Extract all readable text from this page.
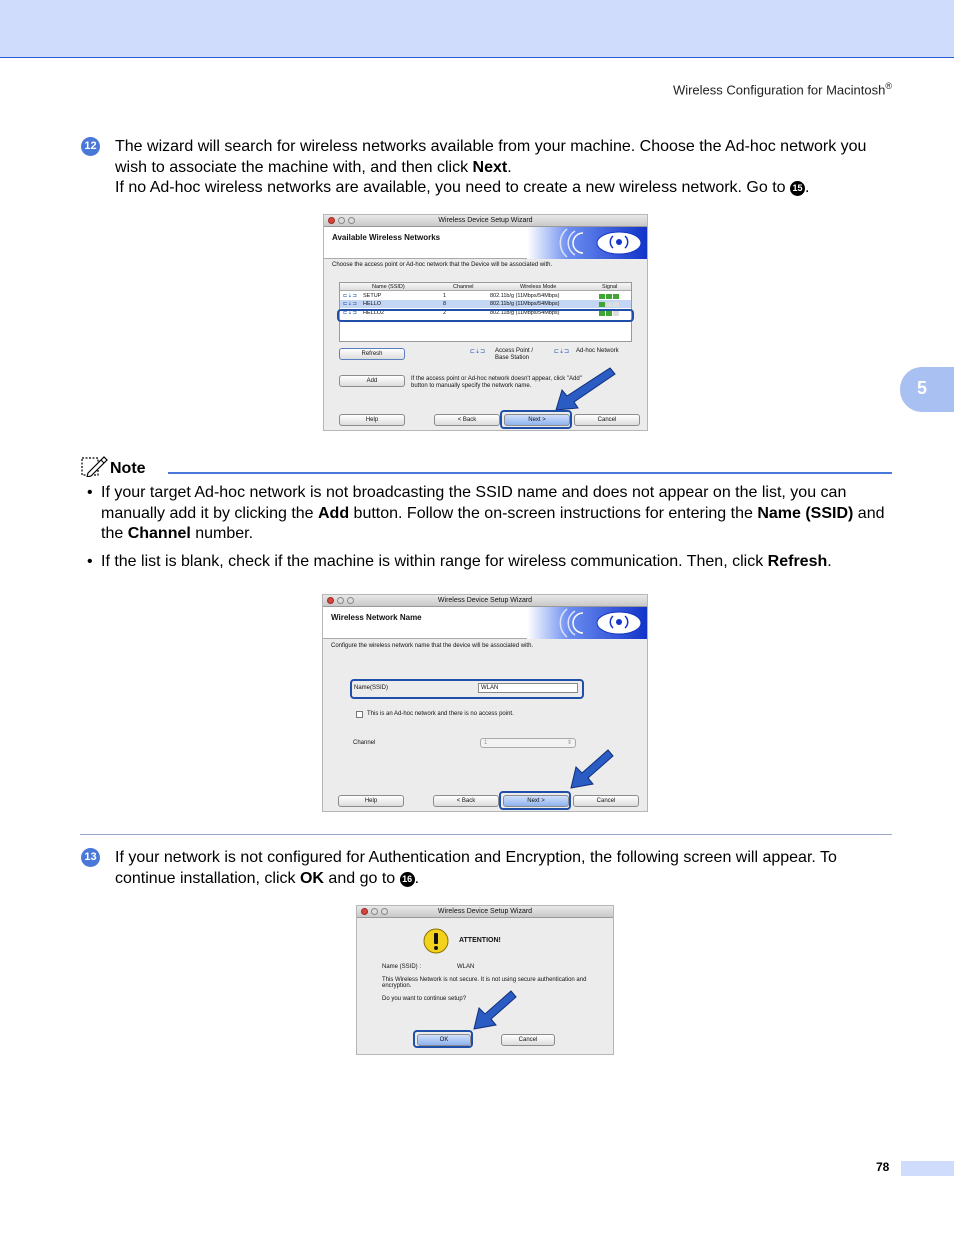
Wireless Configuration for Macintosh®
5
12 The wizard will search for wireless networks available from your machine. Choose the Ad-hoc network you wish to associate the machine with, and then click Next.
If no Ad-hoc wireless networks are available, you need to create a new wireless network. Go to 15 .
Wireless Device Setup Wizard
Available Wireless Networks
Choose the access point or Ad-hoc network that the Device will be associated with.
Name (SSID)	Channel	Wireless Mode	Signal
⊏⇣⊐ SETUP	1	802.11b/g (11Mbps/54Mbps)
⊏⇣⊐ HELLO	8	802.11b/g (11Mbps/54Mbps)
⊏⇣⊐ HELLO2	2	802.11b/g (11Mbps/54Mbps)
Refresh	⊏⇣⊐ Access Point / Base Station
⊏⇣⊐ Ad-hoc Network
Add	If the access point or Ad-hoc network doesn't appear, click "Add"
button to manually specify the network name.
Help	< Back	Next >	Cancel
Note
• If your target Ad-hoc network is not broadcasting the SSID name and does not appear on the list, you can manually add it by clicking the Add button. Follow the on-screen instructions for entering the Name (SSID) and the Channel number.
• If the list is blank, check if the machine is within range for wireless communication. Then, click Refresh.
Wireless Device Setup Wizard
Wireless Network Name
Configure the wireless network name that the device will be associated with.
Name(SSID)	WLAN
This is an Ad-hoc network and there is no access point.
Channel	1	⇕
Help	< Back	Next >	Cancel
13 If your network is not configured for Authentication and Encryption, the following screen will appear. To continue installation, click OK and go to 16 .
Wireless Device Setup Wizard
ATTENTION!
Name (SSID) :	WLAN
This Wireless Network is not secure. It is not using secure authentication and
encryption.
Do you want to continue setup?
OK	Cancel
78
